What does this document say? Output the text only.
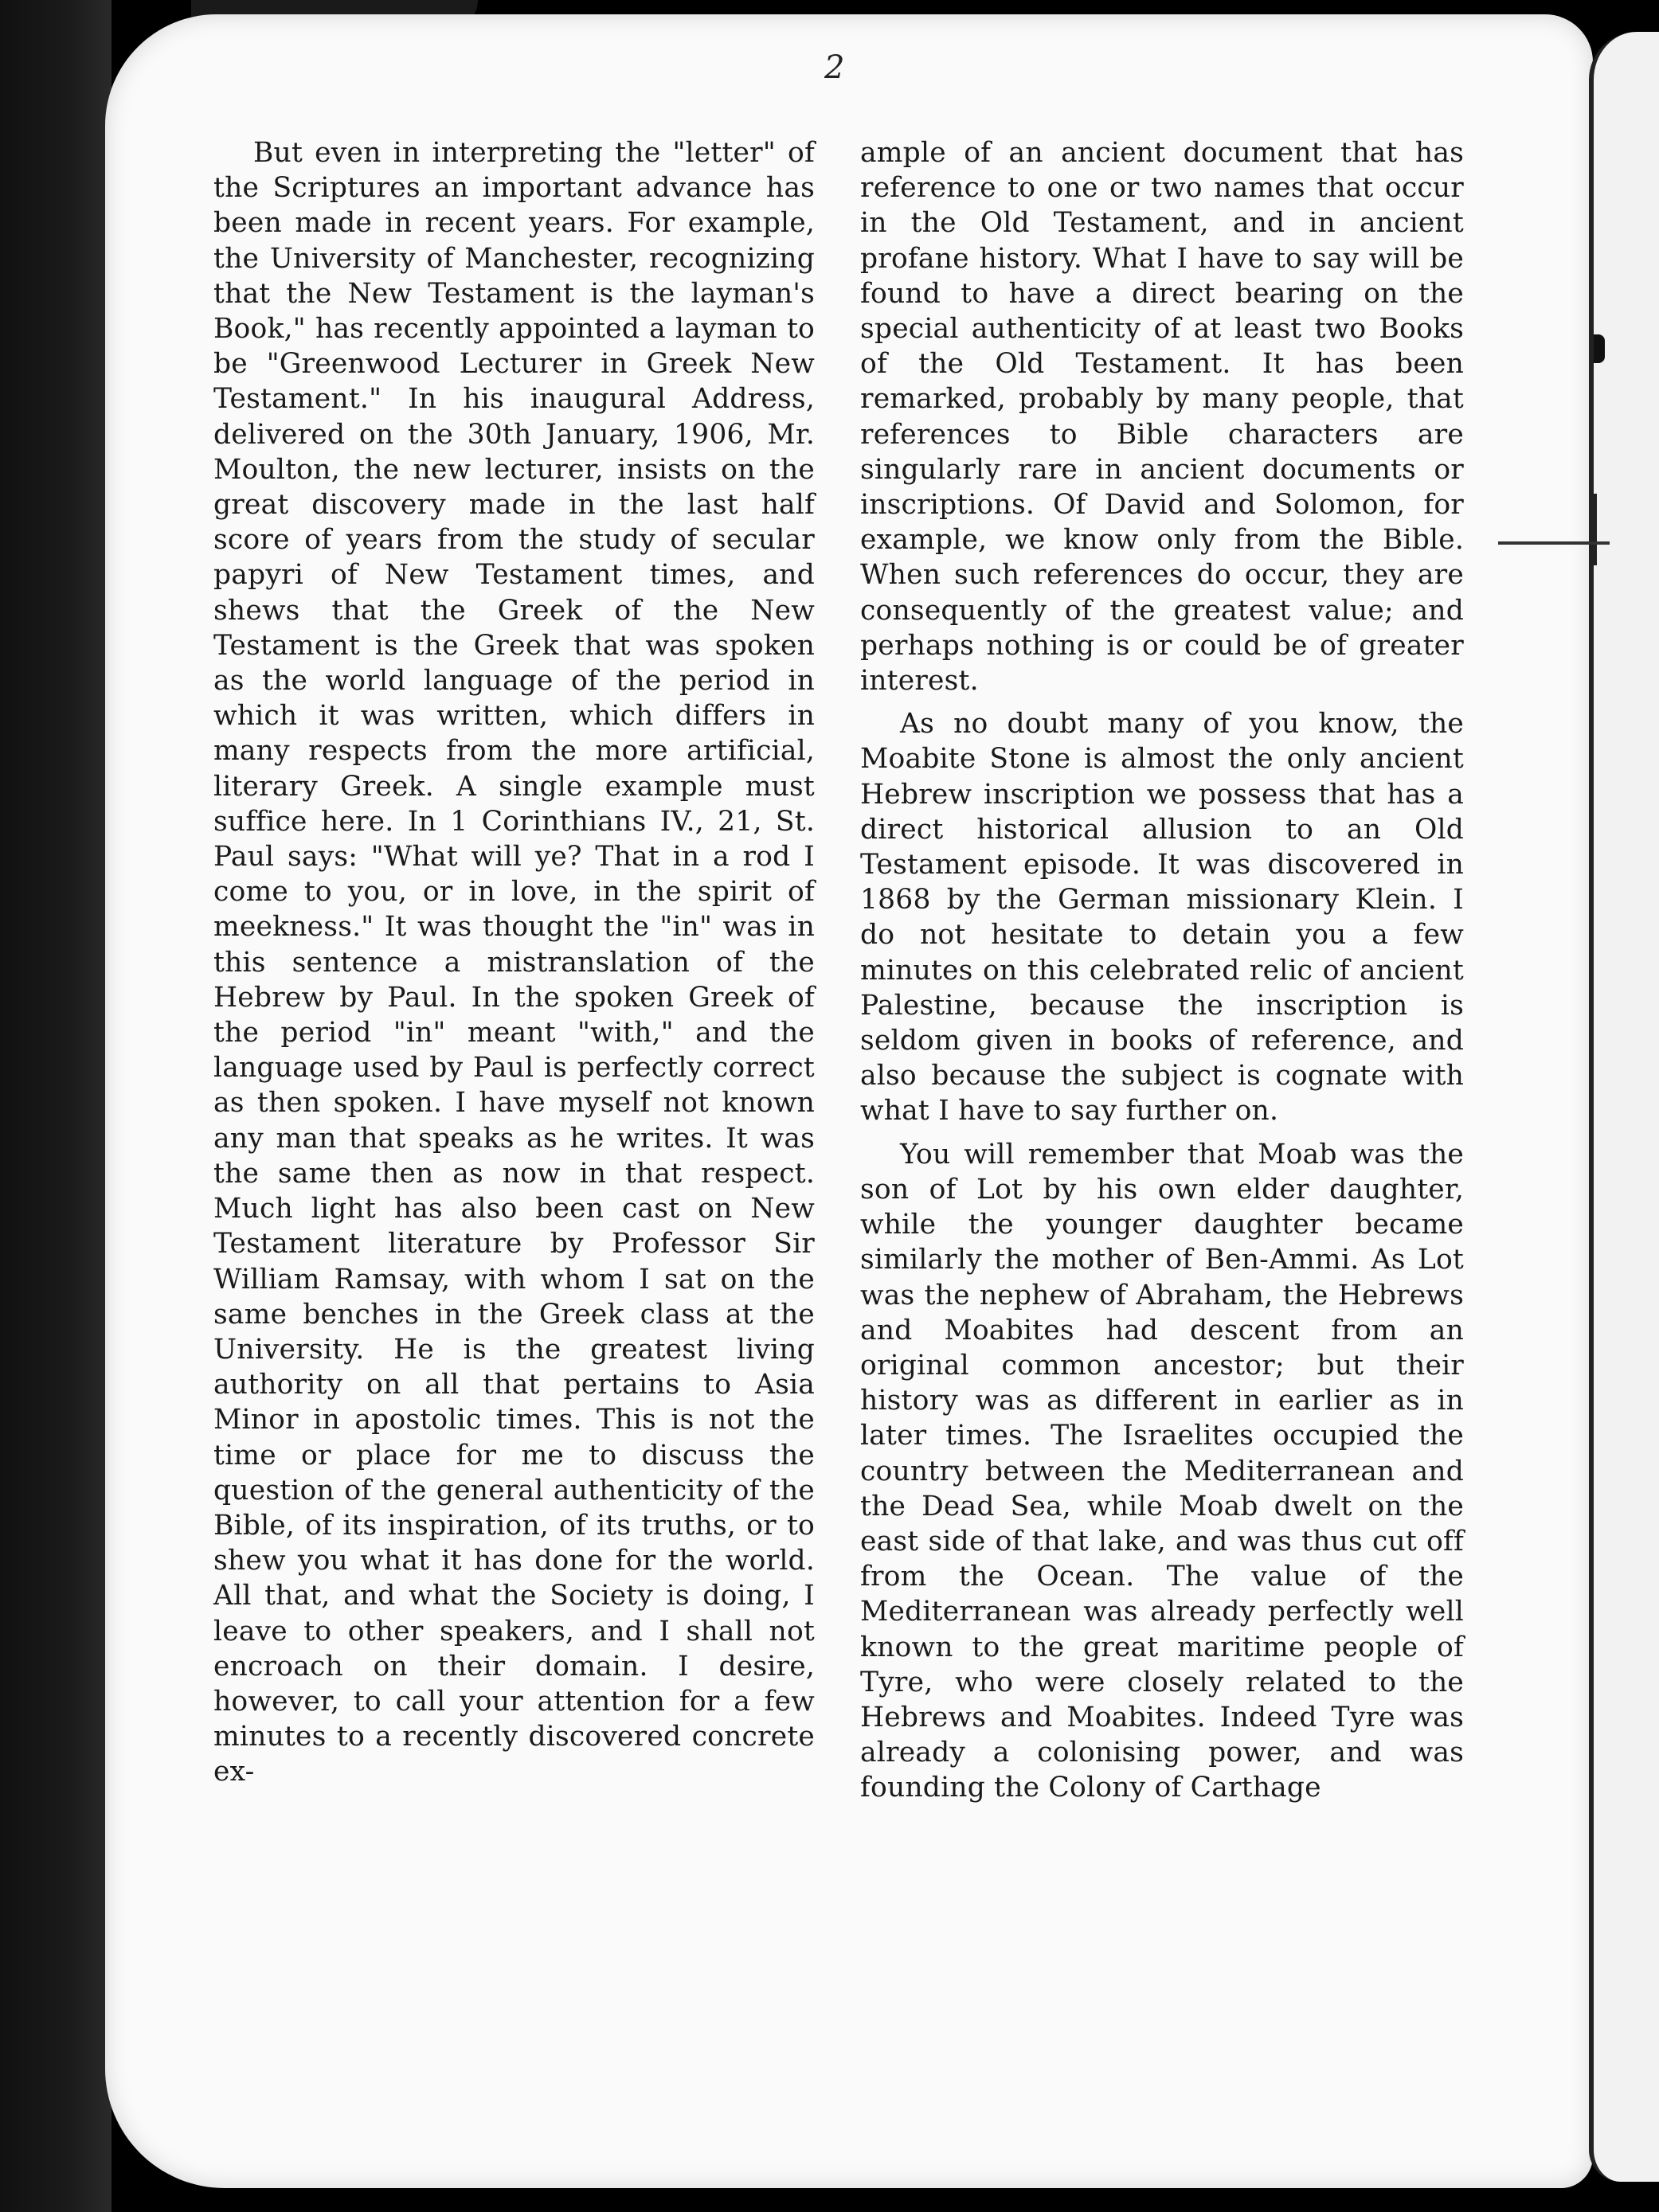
2

But even in interpreting the "letter" of the Scriptures an important advance has been made in recent years. For example, the University of Manchester, recognizing that the New Testament is the layman's Book," has recently appointed a layman to be "Greenwood Lecturer in Greek New Testament." In his inaugural Address, delivered on the 30th January, 1906, Mr. Moulton, the new lecturer, insists on the great discovery made in the last half score of years from the study of secular papyri of New Testament times, and shews that the Greek of the New Testament is the Greek that was spoken as the world language of the period in which it was written, which differs in many respects from the more artificial, literary Greek. A single example must suffice here. In 1 Corinthians IV., 21, St. Paul says: "What will ye? That in a rod I come to you, or in love, in the spirit of meekness." It was thought the "in" was in this sentence a mistranslation of the Hebrew by Paul. In the spoken Greek of the period "in" meant "with," and the language used by Paul is perfectly correct as then spoken. I have myself not known any man that speaks as he writes. It was the same then as now in that respect. Much light has also been cast on New Testament literature by Professor Sir William Ramsay, with whom I sat on the same benches in the Greek class at the University. He is the greatest living authority on all that pertains to Asia Minor in apostolic times. This is not the time or place for me to discuss the question of the general authenticity of the Bible, of its inspiration, of its truths, or to shew you what it has done for the world. All that, and what the Society is doing, I leave to other speakers, and I shall not encroach on their domain. I desire, however, to call your attention for a few minutes to a recently discovered concrete ex-

ample of an ancient document that has reference to one or two names that occur in the Old Testament, and in ancient profane history. What I have to say will be found to have a direct bearing on the special authenticity of at least two Books of the Old Testament. It has been remarked, probably by many people, that references to Bible characters are singularly rare in ancient documents or inscriptions. Of David and Solomon, for example, we know only from the Bible. When such references do occur, they are consequently of the greatest value; and perhaps nothing is or could be of greater interest.

As no doubt many of you know, the Moabite Stone is almost the only ancient Hebrew inscription we possess that has a direct historical allusion to an Old Testament episode. It was discovered in 1868 by the German missionary Klein. I do not hesitate to detain you a few minutes on this celebrated relic of ancient Palestine, because the inscription is seldom given in books of reference, and also because the subject is cognate with what I have to say further on.

You will remember that Moab was the son of Lot by his own elder daughter, while the younger daughter became similarly the mother of Ben-Ammi. As Lot was the nephew of Abraham, the Hebrews and Moabites had descent from an original common ancestor; but their history was as different in earlier as in later times. The Israelites occupied the country between the Mediterranean and the Dead Sea, while Moab dwelt on the east side of that lake, and was thus cut off from the Ocean. The value of the Mediterranean was already perfectly well known to the great maritime people of Tyre, who were closely related to the Hebrews and Moabites. Indeed Tyre was already a colonising power, and was founding the Colony of Carthage
